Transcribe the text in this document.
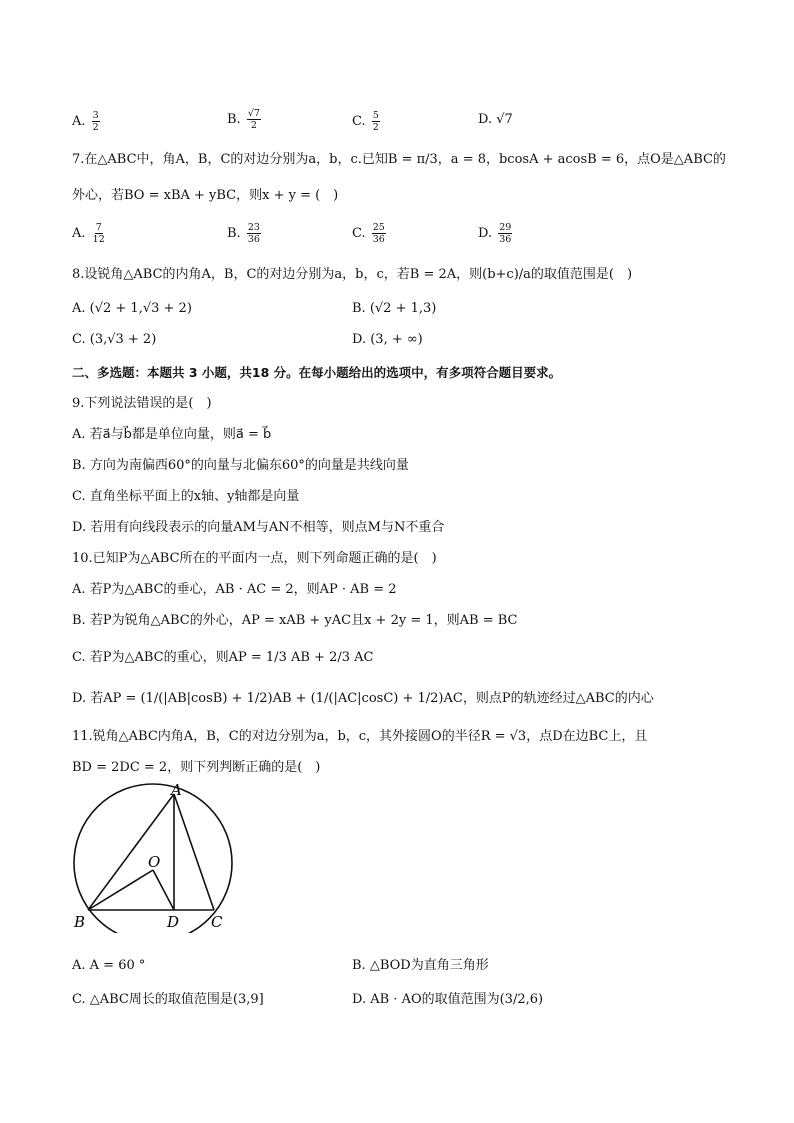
A. $\frac{3}{2}$	B. $\frac{√7}{2}$	C. $\frac{5}{2}$	D. √7
7.在△ABC中，角A，B，C的对边分别为a，b，c.已知B = π/3，a = 8，bcosA + acosB = 6，点O是△ABC的
外心，若BO = xBA + yBC，则x + y = (　)
A. $\frac{7}{12}$	B. $\frac{23}{36}$	C. $\frac{25}{36}$	D. $\frac{29}{36}$
8.设锐角△ABC的内角A，B，C的对边分别为a，b，c，若B = 2A，则(b+c)/a的取值范围是(　)
A. (√2 + 1,√3 + 2)	B. (√2 + 1,3)
C. (3,√3 + 2)	D. (3, + ∞)
二、多选题：本题共 3 小题，共18 分。在每小题给出的选项中，有多项符合题目要求。
9.下列说法错误的是(　)
A. 若a⃗与b⃗都是单位向量，则a⃗ = b⃗
B. 方向为南偏西60°的向量与北偏东60°的向量是共线向量
C. 直角坐标平面上的x轴、y轴都是向量
D. 若用有向线段表示的向量AM与AN不相等，则点M与N不重合
10.已知P为△ABC所在的平面内一点，则下列命题正确的是(　)
A. 若P为△ABC的垂心，AB · AC = 2，则AP · AB = 2
B. 若P为锐角△ABC的外心，AP = xAB + yAC且x + 2y = 1，则AB = BC
C. 若P为△ABC的重心，则AP = 1/3 AB + 2/3 AC
D. 若AP = (1/(|AB|cosB) + 1/2)AB + (1/(|AC|cosC) + 1/2)AC，则点P的轨迹经过△ABC的内心
11.锐角△ABC内角A，B，C的对边分别为a，b，c，其外接圆O的半径R = √3，点D在边BC上，且
BD = 2DC = 2，则下列判断正确的是(　)
A
O
B	D C
A. A = 60 °	B. △BOD为直角三角形
C. △ABC周长的取值范围是(3,9]	D. AB · AO的取值范围为(3/2,6)
